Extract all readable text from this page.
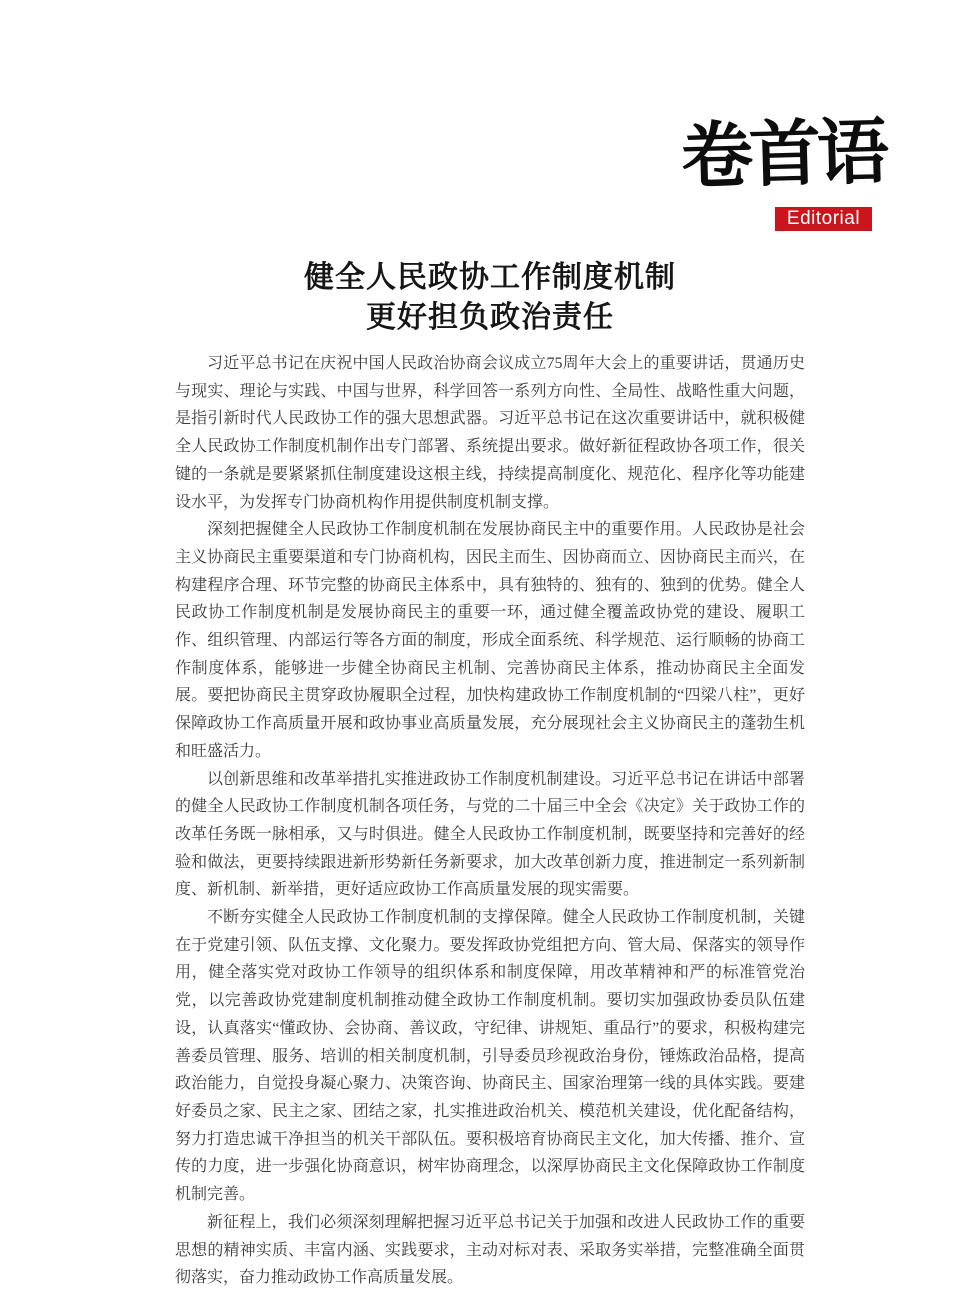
卷首语
Editorial
健全人民政协工作制度机制
更好担负政治责任

习近平总书记在庆祝中国人民政治协商会议成立75周年大会上的重要讲话，贯通历史与现实、理论与实践、中国与世界，科学回答一系列方向性、全局性、战略性重大问题，是指引新时代人民政协工作的强大思想武器。习近平总书记在这次重要讲话中，就积极健全人民政协工作制度机制作出专门部署、系统提出要求。做好新征程政协各项工作，很关键的一条就是要紧紧抓住制度建设这根主线，持续提高制度化、规范化、程序化等功能建设水平，为发挥专门协商机构作用提供制度机制支撑。

深刻把握健全人民政协工作制度机制在发展协商民主中的重要作用。人民政协是社会主义协商民主重要渠道和专门协商机构，因民主而生、因协商而立、因协商民主而兴，在构建程序合理、环节完整的协商民主体系中，具有独特的、独有的、独到的优势。健全人民政协工作制度机制是发展协商民主的重要一环，通过健全覆盖政协党的建设、履职工作、组织管理、内部运行等各方面的制度，形成全面系统、科学规范、运行顺畅的协商工作制度体系，能够进一步健全协商民主机制、完善协商民主体系，推动协商民主全面发展。要把协商民主贯穿政协履职全过程，加快构建政协工作制度机制的“四梁八柱”，更好保障政协工作高质量开展和政协事业高质量发展，充分展现社会主义协商民主的蓬勃生机和旺盛活力。

以创新思维和改革举措扎实推进政协工作制度机制建设。习近平总书记在讲话中部署的健全人民政协工作制度机制各项任务，与党的二十届三中全会《决定》关于政协工作的改革任务既一脉相承，又与时俱进。健全人民政协工作制度机制，既要坚持和完善好的经验和做法，更要持续跟进新形势新任务新要求，加大改革创新力度，推进制定一系列新制度、新机制、新举措，更好适应政协工作高质量发展的现实需要。

不断夯实健全人民政协工作制度机制的支撑保障。健全人民政协工作制度机制，关键在于党建引领、队伍支撑、文化聚力。要发挥政协党组把方向、管大局、保落实的领导作用，健全落实党对政协工作领导的组织体系和制度保障，用改革精神和严的标准管党治党，以完善政协党建制度机制推动健全政协工作制度机制。要切实加强政协委员队伍建设，认真落实“懂政协、会协商、善议政，守纪律、讲规矩、重品行”的要求，积极构建完善委员管理、服务、培训的相关制度机制，引导委员珍视政治身份，锤炼政治品格，提高政治能力，自觉投身凝心聚力、决策咨询、协商民主、国家治理第一线的具体实践。要建好委员之家、民主之家、团结之家，扎实推进政治机关、模范机关建设，优化配备结构，努力打造忠诚干净担当的机关干部队伍。要积极培育协商民主文化，加大传播、推介、宣传的力度，进一步强化协商意识，树牢协商理念，以深厚协商民主文化保障政协工作制度机制完善。

新征程上，我们必须深刻理解把握习近平总书记关于加强和改进人民政协工作的重要思想的精神实质、丰富内涵、实践要求，主动对标对表、采取务实举措，完整准确全面贯彻落实，奋力推动政协工作高质量发展。
